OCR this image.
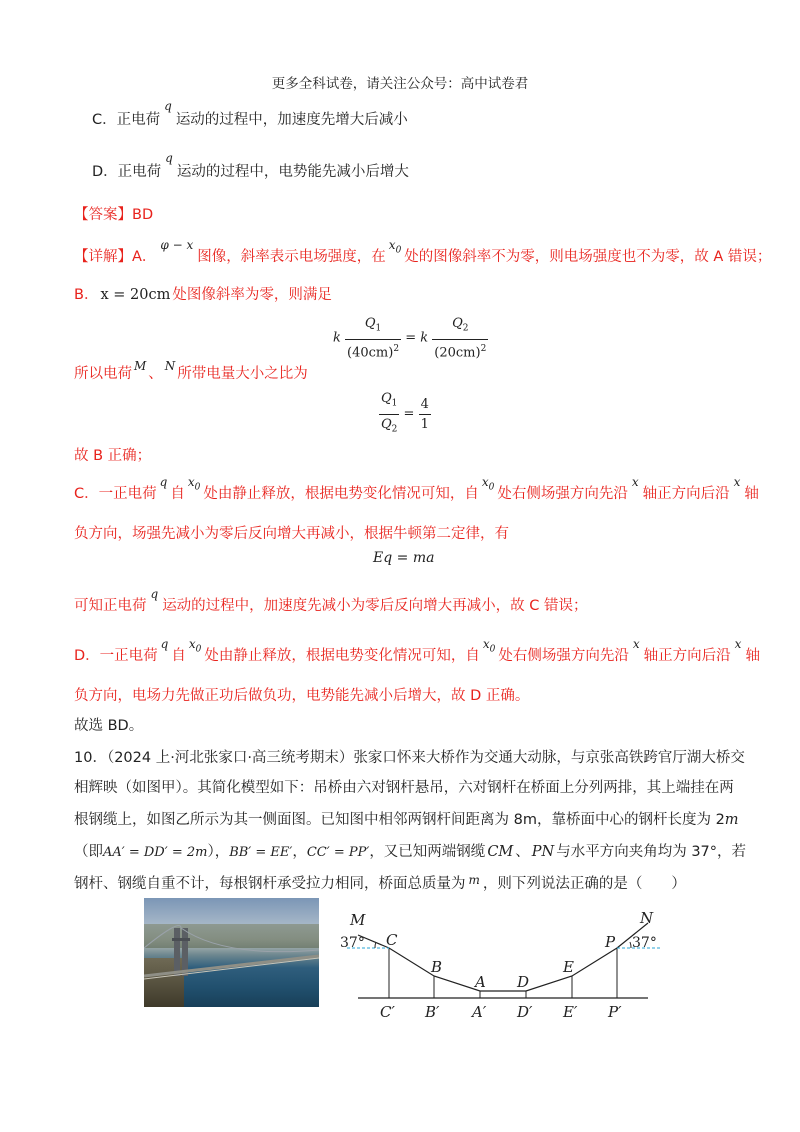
更多全科试卷，请关注公众号：高中试卷君
C．正电荷$^q$运动的过程中，加速度先增大后减小
D．正电荷$^q$运动的过程中，电势能先减小后增大
【答案】BD
【详解】A．$^{\varphi - x}$图像，斜率表示电场强度，在$^{x_0}$ 处的图像斜率不为零，则电场强度也不为零，故 A 错误；
B． x = 20cm 处图像斜率为零，则满足
k $\frac{Q_1}{(40cm)^2} = k \frac{Q_2}{(20cm)^2}$
所以电荷 $^M$ 、 $^N$ 所带电量大小之比为
$\frac{Q_1}{Q_2} = \frac{4}{1}$
故 B 正确；
C．一正电荷$^q$自$^{x_0}$ 处由静止释放，根据电势变化情况可知，自$^{x_0}$ 处右侧场强方向先沿$^x$轴正方向后沿$^x$轴
负方向，场强先减小为零后反向增大再减小，根据牛顿第二定律，有
Eq = ma
可知正电荷$^q$运动的过程中，加速度先减小为零后反向增大再减小，故 C 错误；
D．一正电荷$^q$自$^{x_0}$ 处由静止释放，根据电势变化情况可知，自$^{x_0}$ 处右侧场强方向先沿$^x$轴正方向后沿$^x$轴
负方向，电场力先做正功后做负功，电势能先减小后增大，故 D 正确。
故选 BD。
10．（2024 上·河北张家口·高三统考期末）张家口怀来大桥作为交通大动脉，与京张高铁跨官厅湖大桥交
相辉映（如图甲）。其简化模型如下：吊桥由六对钢杆悬吊，六对钢杆在桥面上分列两排，其上端挂在两
根钢缆上，如图乙所示为其一侧面图。已知图中相邻两钢杆间距离为 8m，靠桥面中心的钢杆长度为 2m
（即AA′ = DD′ = 2m），BB′ = EE′，CC′ = PP′，又已知两端钢缆 CM 、 PN 与水平方向夹角均为 37°，若
钢杆、钢缆自重不计，每根钢杆承受拉力相同，桥面总质量为 $^m$ ，则下列说法正确的是（　　）
M	N
C
B
A D
E
P
C′ B′ A′ D′ E′ P′
37°	37°
